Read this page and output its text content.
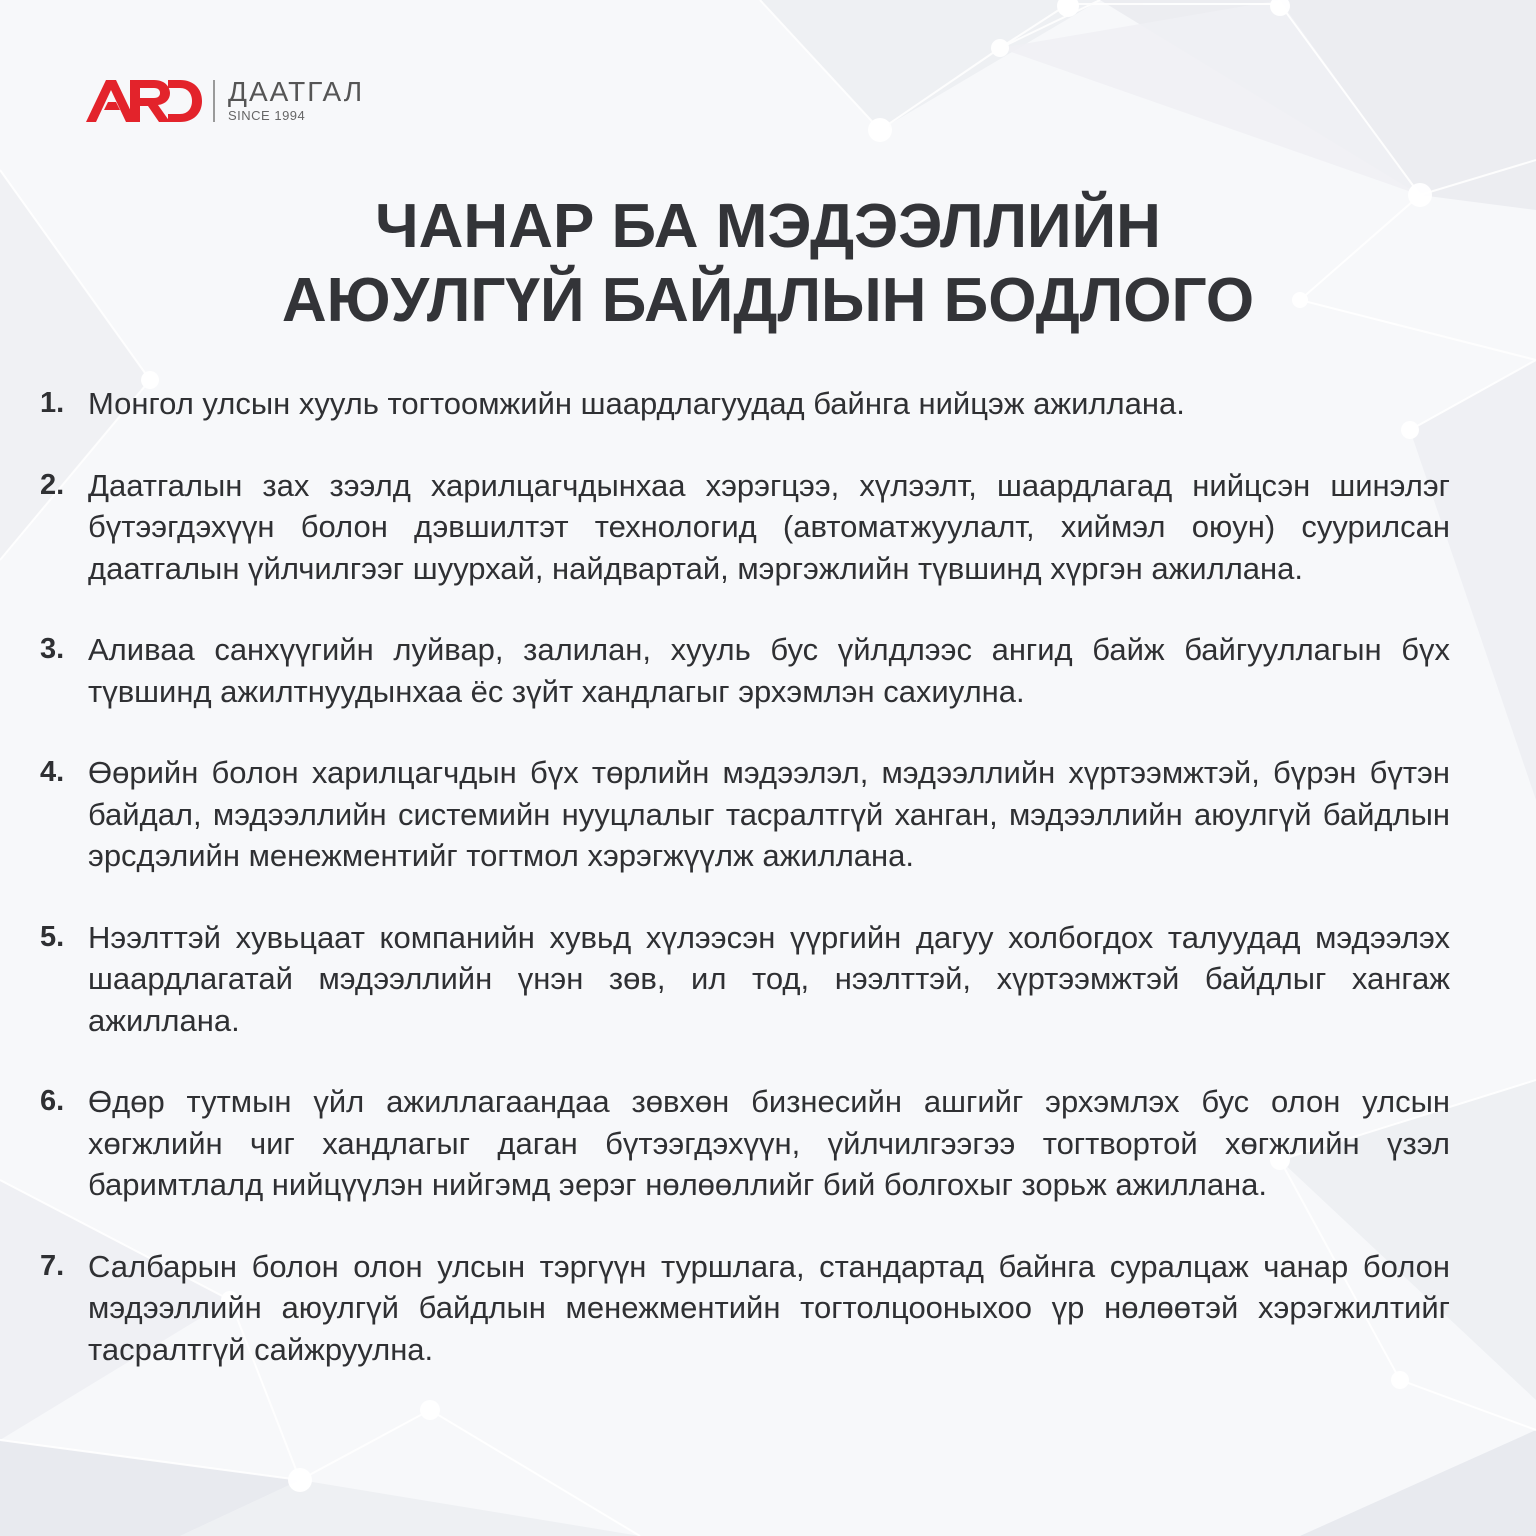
ДААТГАЛ
SINCE 1994
ЧАНАР БА МЭДЭЭЛЛИЙН
АЮУЛГҮЙ БАЙДЛЫН БОДЛОГО
1. Монгол улсын хууль тогтоомжийн шаардлагуудад байнга нийцэж ажиллана.
2. Даатгалын зах зээлд харилцагчдынхаа хэрэгцээ, хүлээлт, шаардлагад нийцсэн шинэлэг бүтээгдэхүүн болон дэвшилтэт технологид (автоматжуулалт, хиймэл оюун) суурилсан даатгалын үйлчилгээг шуурхай, найдвартай, мэргэжлийн түвшинд хүргэн ажиллана.
3. Аливаа санхүүгийн луйвар, залилан, хууль бус үйлдлээс ангид байж байгууллагын бүх түвшинд ажилтнуудынхаа ёс зүйт хандлагыг эрхэмлэн сахиулна.
4. Өөрийн болон харилцагчдын бүх төрлийн мэдээлэл, мэдээллийн хүртээмжтэй, бүрэн бүтэн байдал, мэдээллийн системийн нууцлалыг тасралтгүй ханган, мэдээллийн аюулгүй байдлын эрсдэлийн менежментийг тогтмол хэрэгжүүлж ажиллана.
5. Нээлттэй хувьцаат компанийн хувьд хүлээсэн үүргийн дагуу холбогдох талуудад мэдээлэх шаардлагатай мэдээллийн үнэн зөв, ил тод, нээлттэй, хүртээмжтэй байдлыг хангаж ажиллана.
6. Өдөр тутмын үйл ажиллагаандаа зөвхөн бизнесийн ашгийг эрхэмлэх бус олон улсын хөгжлийн чиг хандлагыг даган бүтээгдэхүүн, үйлчилгээгээ тогтвортой хөгжлийн үзэл баримтлалд нийцүүлэн нийгэмд эерэг нөлөөллийг бий болгохыг зорьж ажиллана.
7. Салбарын болон олон улсын тэргүүн туршлага, стандартад байнга суралцаж чанар болон мэдээллийн аюулгүй байдлын менежментийн тогтолцооныхоо үр нөлөөтэй хэрэгжилтийг тасралтгүй сайжруулна.
